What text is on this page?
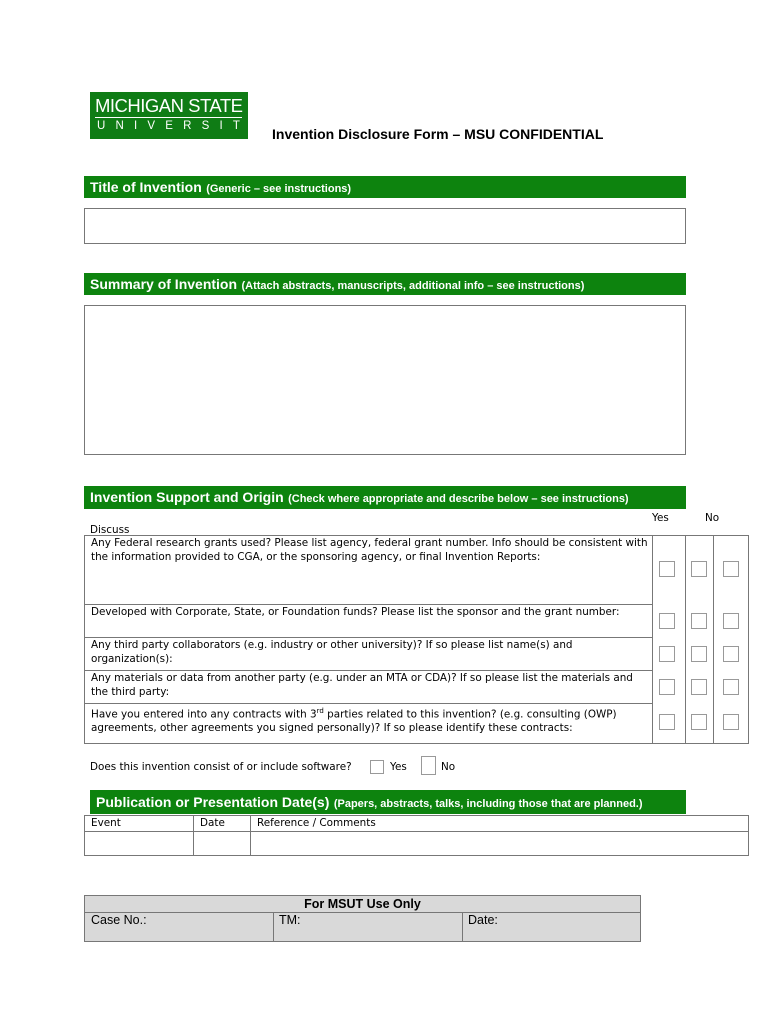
MICHIGAN STATE
UNIVERSITY Invention Disclosure Form – MSU CONFIDENTIAL
Title of Invention (Generic – see instructions)
Summary of Invention (Attach abstracts, manuscripts, additional info – see instructions)
Invention Support and Origin (Check where appropriate and describe below – see instructions)
Yes	No
Discuss
Any Federal research grants used? Please list agency, federal grant number. Info should be consistent with the information provided to CGA, or the sponsoring agency, or final Invention Reports:
Developed with Corporate, State, or Foundation funds? Please list the sponsor and the grant number:
Any third party collaborators (e.g. industry or other university)? If so please list name(s) and organization(s):
Any materials or data from another party (e.g. under an MTA or CDA)? If so please list the materials and the third party:
Have you entered into any contracts with 3rd parties related to this invention? (e.g. consulting (OWP) agreements, other agreements you signed personally)? If so please identify these contracts:
Does this invention consist of or include software?	Yes	No
Publication or Presentation Date(s) (Papers, abstracts, talks, including those that are planned.)
Event	Date	Reference / Comments
For MSUT Use Only
Case No.:	TM:	Date:
